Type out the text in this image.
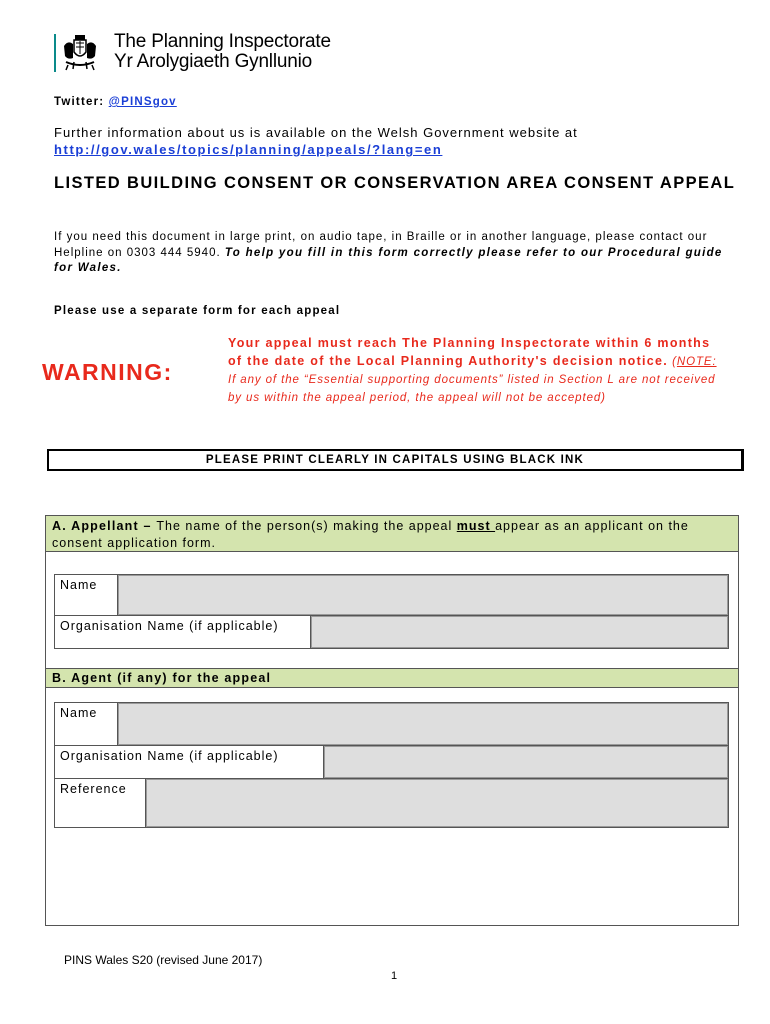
The Planning Inspectorate
Yr Arolygiaeth Gynllunio
Twitter: @PINSgov
Further information about us is available on the Welsh Government website at
http://gov.wales/topics/planning/appeals/?lang=en
LISTED BUILDING CONSENT OR CONSERVATION AREA CONSENT APPEAL
If you need this document in large print, on audio tape, in Braille or in another language, please contact our Helpline on 0303 444 5940. To help you fill in this form correctly please refer to our Procedural guide for Wales.
Please use a separate form for each appeal
WARNING:
Your appeal must reach The Planning Inspectorate within 6 months of the date of the Local Planning Authority's decision notice. (NOTE: If any of the “Essential supporting documents” listed in Section L are not received by us within the appeal period, the appeal will not be accepted)
PLEASE PRINT CLEARLY IN CAPITALS USING BLACK INK
A. Appellant – The name of the person(s) making the appeal must appear as an applicant on the consent application form.
Name
Organisation Name (if applicable)
B. Agent (if any) for the appeal
Name
Organisation Name (if applicable)
Reference
PINS Wales S20 (revised June 2017)
1
